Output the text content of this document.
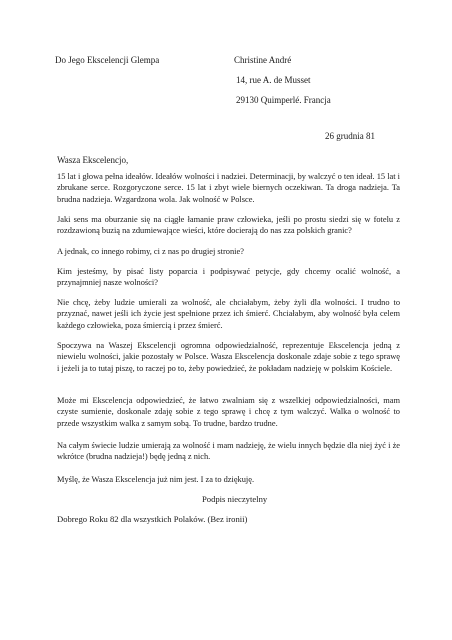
Do Jego Ekscelencji Glempa	Christine André
14, rue A. de Musset
29130 Quimperlé. Francja
26 grudnia 81
Wasza Ekscelencjo,
15 lat i głowa pełna ideałów. Ideałów wolności i nadziei. Determinacji, by walczyć o ten ideał. 15 lat i zbrukane serce. Rozgoryczone serce. 15 lat i zbyt wiele biernych oczekiwan. Ta droga nadzieja. Ta brudna nadzieja. Wzgardzona wola. Jak wolność w Polsce.
Jaki sens ma oburzanie się na ciągłe łamanie praw człowieka, jeśli po prostu siedzi się w fotelu z rozdzawioną buzią na zdumiewające wieści, które docierają do nas zza polskich granic?
A jednak, co innego robimy, ci z nas po drugiej stronie?
Kim jesteśmy, by pisać listy poparcia i podpisywać petycje, gdy chcemy ocalić wolność, a przynajmniej nasze wolności?
Nie chcę, żeby ludzie umierali za wolność, ale chciałabym, żeby żyli dla wolności. I trudno to przyznać, nawet jeśli ich życie jest spełnione przez ich śmierć. Chciałabym, aby wolność była celem każdego człowieka, poza śmiercią i przez śmierć.
Spoczywa na Waszej Ekscelencji ogromna odpowiedzialność, reprezentuje Ekscelencja jedną z niewielu wolności, jakie pozostały w Polsce. Wasza Ekscelencja doskonale zdaje sobie z tego sprawę i jeżeli ja to tutaj piszę, to raczej po to, żeby powiedzieć, że pokładam nadzieję w polskim Kościele.
Może mi Ekscelencja odpowiedzieć, że łatwo zwalniam się z wszelkiej odpowiedzialności, mam czyste sumienie, doskonale zdaję sobie z tego sprawę i chcę z tym walczyć. Walka o wolność to przede wszystkim walka z samym sobą. To trudne, bardzo trudne.
Na całym świecie ludzie umierają za wolność i mam nadzieję, że wielu innych będzie dla niej żyć i że wkrótce (brudna nadzieja!) będę jedną z nich.
Myślę, że Wasza Ekscelencja już nim jest. I za to dziękuję.
Podpis nieczytelny
Dobrego Roku 82 dla wszystkich Polaków. (Bez ironii)
